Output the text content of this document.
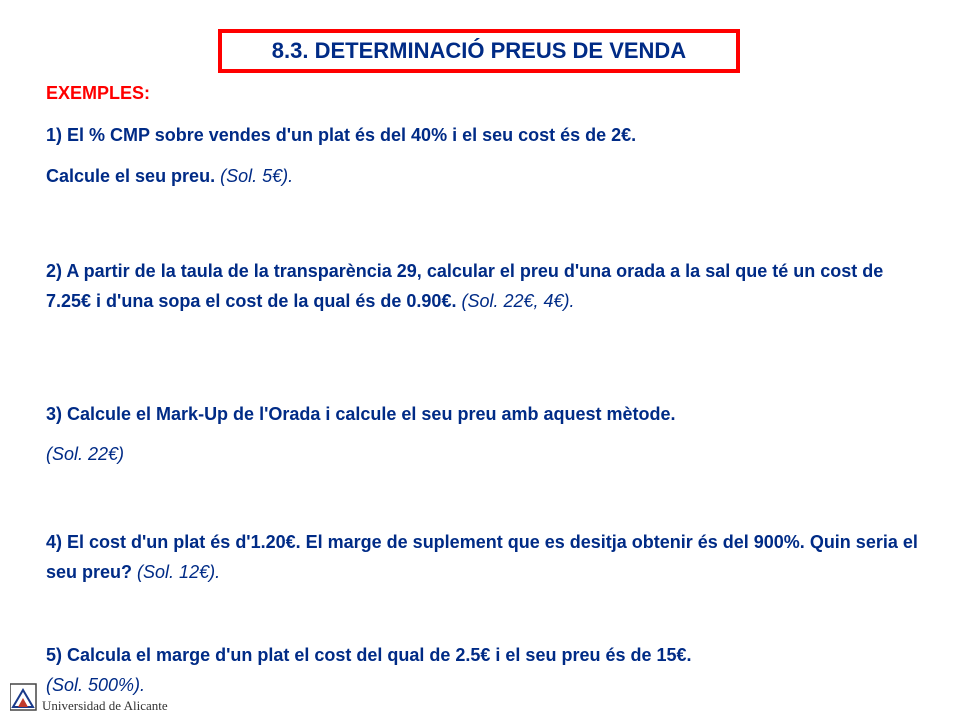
8.3. DETERMINACIÓ PREUS DE VENDA
EXEMPLES:
1) El % CMP sobre vendes d'un plat és del 40% i el seu cost és de 2€.
Calcule el seu preu. (Sol. 5€).
2) A partir de la taula de la transparència 29, calcular el preu d'una orada a la sal que té un cost de 7.25€ i d'una sopa el cost de la qual és de 0.90€. (Sol. 22€, 4€).
3) Calcule el Mark-Up de l'Orada i calcule el seu preu amb aquest mètode.
(Sol. 22€)
4) El cost d'un plat és d'1.20€. El marge de suplement que es desitja obtenir és del 900%. Quin seria el seu preu? (Sol. 12€).
5) Calcula el marge d'un plat el cost del qual de 2.5€ i el seu preu és de 15€.
(Sol. 500%).
Universidad de Alicante
